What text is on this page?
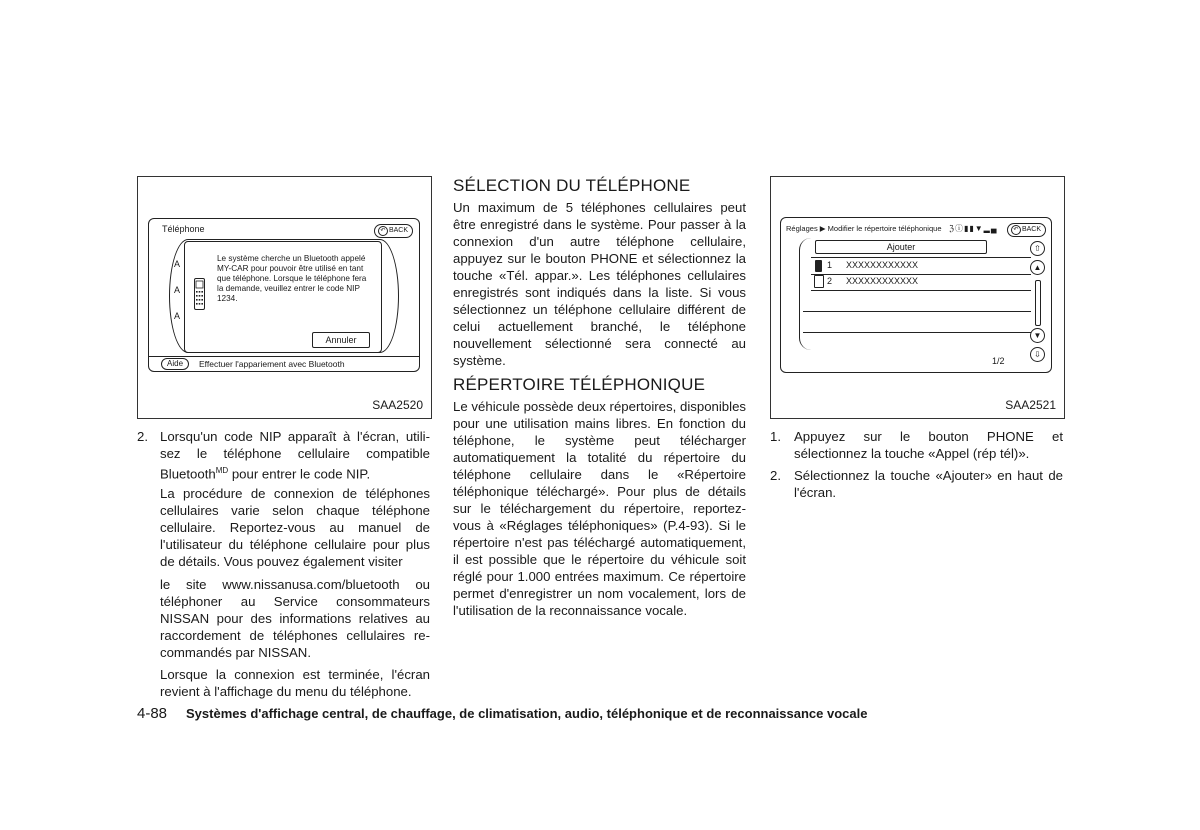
Téléphone	↶ BACK
A
A
A
Le système cherche un Bluetooth appelé MY-CAR pour pouvoir être utilisé en tant que téléphone. Lorsque le téléphone fera la demande, veuillez entrer le code NIP 1234.
Annuler
Aide	Effectuer l'appariement avec Bluetooth
SAA2520
Réglages ▶ Modifier le répertoire téléphonique ℨⓘ▮▮▼▂▄	↶ BACK
Ajouter
1 XXXXXXXXXXXX
2 XXXXXXXXXXXX
⇧
▲
▼
⇩
1/2
SAA2521
2. Lorsqu'un code NIP apparaît à l'écran, utili-
sez le téléphone cellulaire compatible
Bluetooth$^{MD}$ pour entrer le code NIP.
La procédure de connexion de téléphones cellulaires varie selon chaque téléphone cellulaire. Reportez-vous au manuel de l'utilisateur du téléphone cellulaire pour plus de détails. Vous pouvez également visiter
le site www.nissanusa.com/bluetooth ou téléphoner au Service consommateurs NISSAN pour des informations relatives au raccordement de téléphones cellulaires re-commandés par NISSAN.
Lorsque la connexion est terminée, l'écran revient à l'affichage du menu du téléphone.
SÉLECTION DU TÉLÉPHONE
Un maximum de 5 téléphones cellulaires peut être enregistré dans le système. Pour passer à la connexion d'un autre téléphone cellulaire, appuyez sur le bouton PHONE et sélectionnez la touche «Tél. appar.». Les téléphones cellulaires enregistrés sont indiqués dans la liste. Si vous sélectionnez un téléphone cellulaire différent de celui actuellement branché, le téléphone nouvellement sélectionné sera connecté au système.
RÉPERTOIRE TÉLÉPHONIQUE
Le véhicule possède deux répertoires, disponibles pour une utilisation mains libres. En fonction du téléphone, le système peut télécharger automatiquement la totalité du répertoire du téléphone cellulaire dans le «Répertoire téléphonique téléchargé». Pour plus de détails sur le téléchargement du répertoire, reportez-vous à «Réglages téléphoniques» (P.4-93). Si le répertoire n'est pas téléchargé automatiquement, il est possible que le répertoire du véhicule soit réglé pour 1.000 entrées maximum. Ce répertoire permet d'enregistrer un nom vocalement, lors de l'utilisation de la reconnaissance vocale.
1. Appuyez sur le bouton PHONE et sélectionnez la touche «Appel (rép tél)».
2. Sélectionnez la touche «Ajouter» en haut de l'écran.
4-88 Systèmes d'affichage central, de chauffage, de climatisation, audio, téléphonique et de reconnaissance vocale
